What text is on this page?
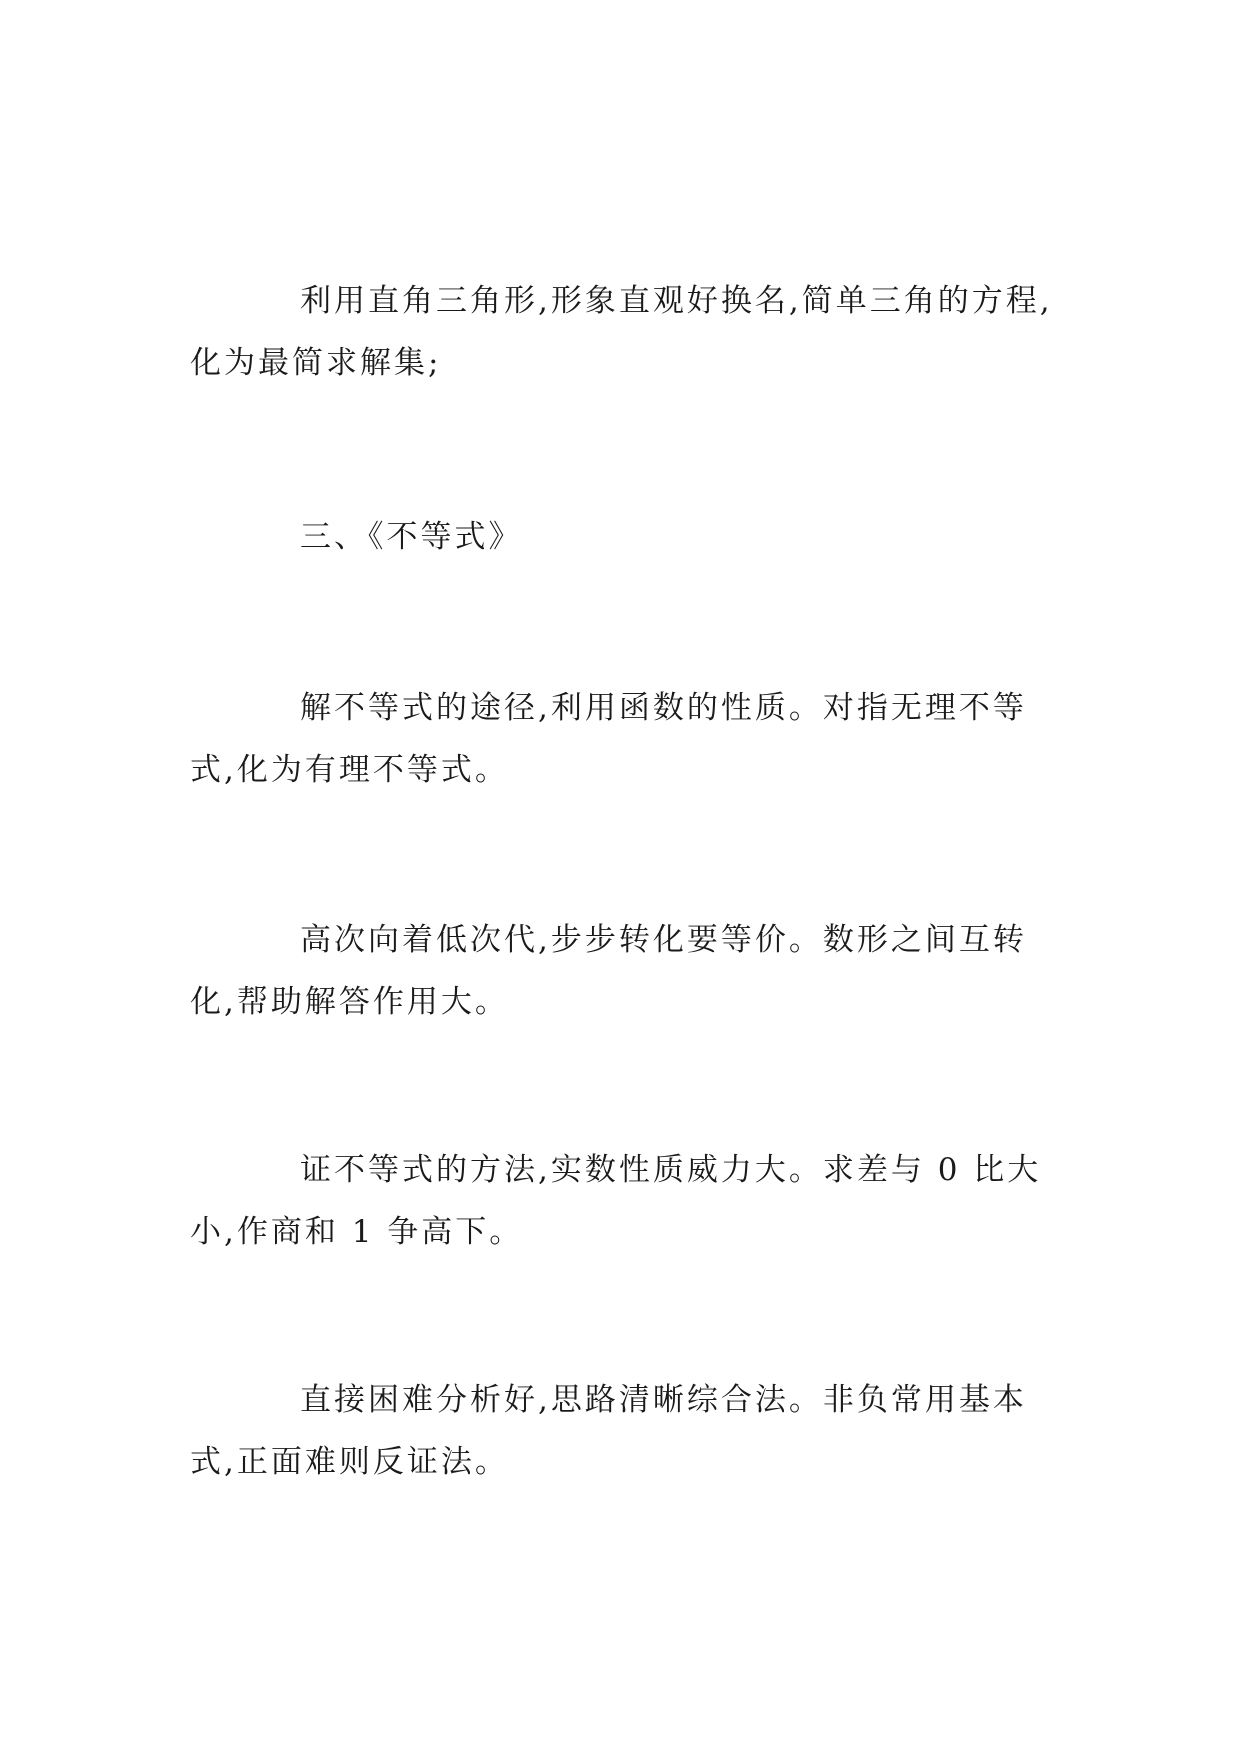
利用直角三角形,形象直观好换名,简单三角的方程,化为最简求解集;

三、《不等式》

解不等式的途径,利用函数的性质。对指无理不等式,化为有理不等式。

高次向着低次代,步步转化要等价。数形之间互转化,帮助解答作用大。

证不等式的方法,实数性质威力大。求差与 0 比大小,作商和 1 争高下。

直接困难分析好,思路清晰综合法。非负常用基本式,正面难则反证法。
